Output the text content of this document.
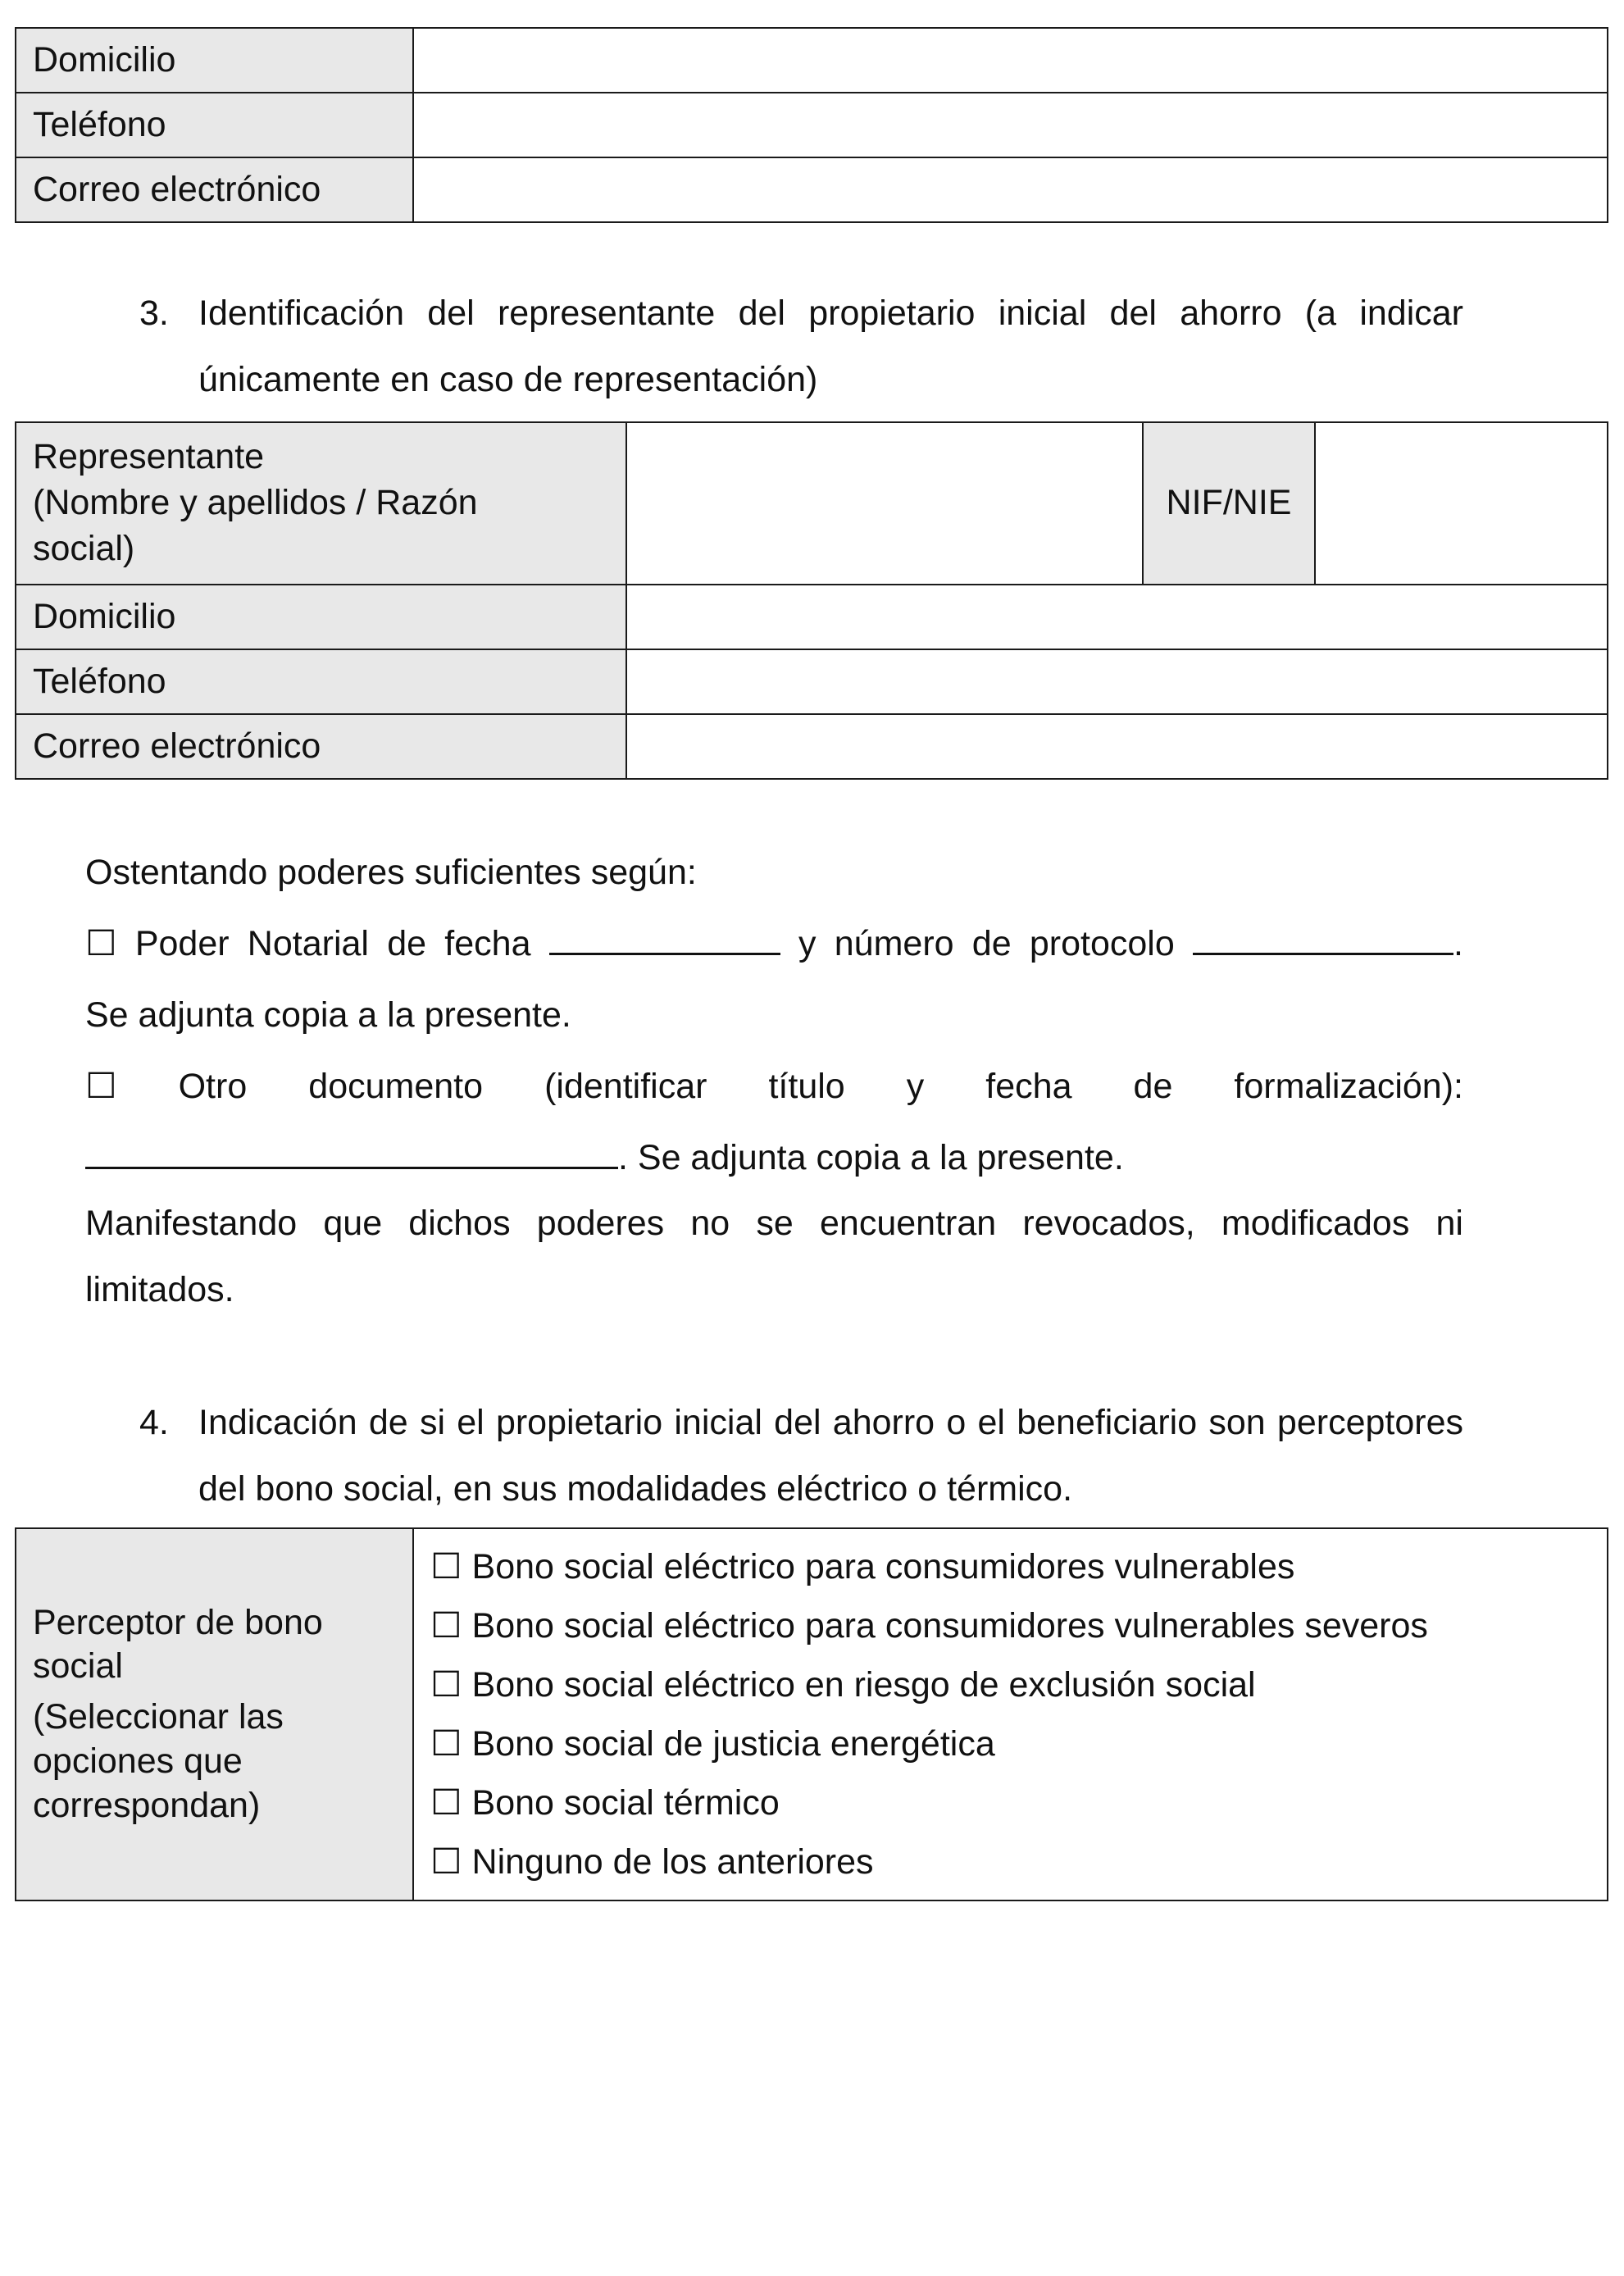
Domicilio	
Teléfono	
Correo electrónico	
3. Identificación del representante del propietario inicial del ahorro (a indicar únicamente en caso de representación)
Representante
(Nombre y apellidos / Razón
social)		NIF/NIE	
Domicilio			
Teléfono			
Correo electrónico			
Ostentando poderes suficientes según:
☐ Poder Notarial de fecha	y número de protocolo	.
Se adjunta copia a la presente.
☐ Otro documento (identificar título y fecha de formalización):
. Se adjunta copia a la presente.
Manifestando que dichos poderes no se encuentran revocados, modificados ni limitados.
4. Indicación de si el propietario inicial del ahorro o el beneficiario son perceptores del bono social, en sus modalidades eléctrico o térmico.
Perceptor de bono
social
(Seleccionar las
opciones que
correspondan)

☐ Bono social eléctrico para consumidores vulnerables
☐ Bono social eléctrico para consumidores vulnerables severos
☐ Bono social eléctrico en riesgo de exclusión social
☐ Bono social de justicia energética
☐ Bono social térmico
☐ Ninguno de los anteriores
